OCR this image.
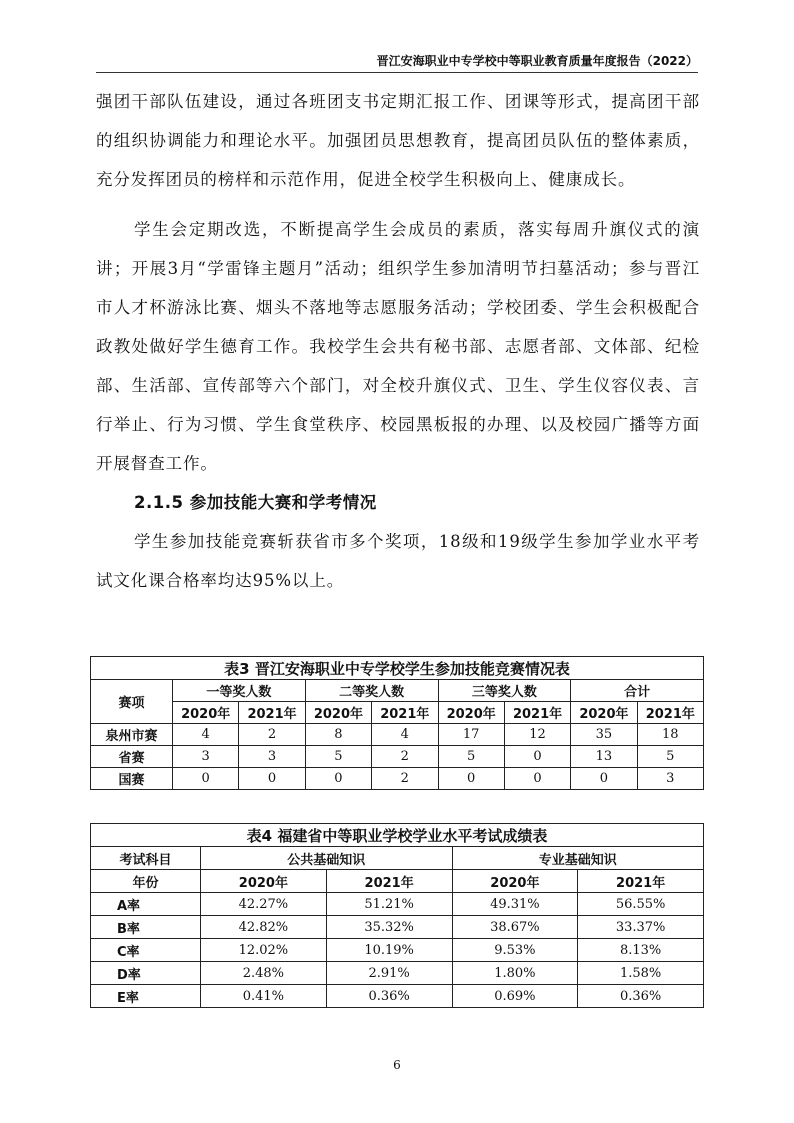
晋江安海职业中专学校中等职业教育质量年度报告（2022）

强团干部队伍建设，通过各班团支书定期汇报工作、团课等形式，提高团干部的组织协调能力和理论水平。加强团员思想教育，提高团员队伍的整体素质，充分发挥团员的榜样和示范作用，促进全校学生积极向上、健康成长。

学生会定期改选，不断提高学生会成员的素质，落实每周升旗仪式的演讲；开展3月“学雷锋主题月”活动；组织学生参加清明节扫墓活动；参与晋江市人才杯游泳比赛、烟头不落地等志愿服务活动；学校团委、学生会积极配合政教处做好学生德育工作。我校学生会共有秘书部、志愿者部、文体部、纪检部、生活部、宣传部等六个部门，对全校升旗仪式、卫生、学生仪容仪表、言行举止、行为习惯、学生食堂秩序、校园黑板报的办理、以及校园广播等方面开展督查工作。

2.1.5 参加技能大赛和学考情况

学生参加技能竞赛斩获省市多个奖项，18级和19级学生参加学业水平考试文化课合格率均达95%以上。

表3 晋江安海职业中专学校学生参加技能竞赛情况表								
赛项	一等奖人数		二等奖人数		三等奖人数		合计	
	2020年	2021年	2020年	2021年	2020年	2021年	2020年	2021年
泉州市赛	4	2	8	4	17	12	35	18
省赛	3	3	5	2	5	0	13	5
国赛	0	0	0	2	0	0	0	3
表4 福建省中等职业学校学业水平考试成绩表				
考试科目	公共基础知识		专业基础知识	
年份	2020年	2021年	2020年	2021年
A率	42.27%	51.21%	49.31%	56.55%
B率	42.82%	35.32%	38.67%	33.37%
C率	12.02%	10.19%	9.53%	8.13%
D率	2.48%	2.91%	1.80%	1.58%
E率	0.41%	0.36%	0.69%	0.36%
6
